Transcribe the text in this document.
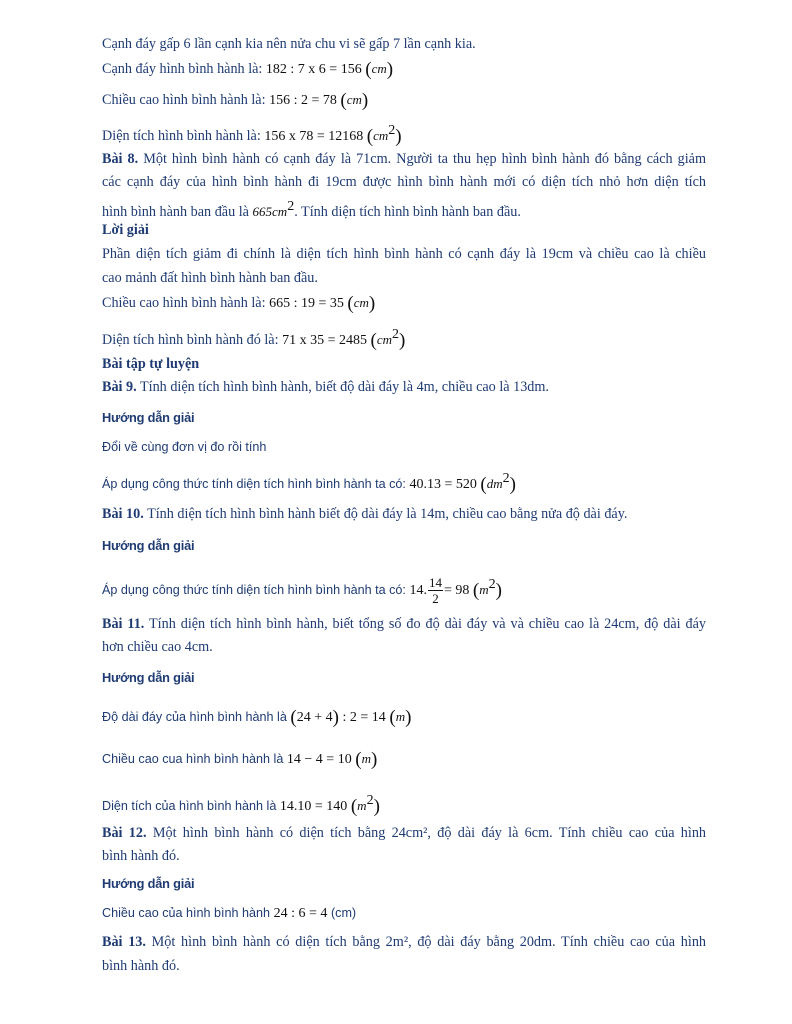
Cạnh đáy gấp 6 lần cạnh kia nên nửa chu vi sẽ gấp 7 lần cạnh kia.
Cạnh đáy hình bình hành là: 182 : 7 x 6 = 156 (cm)
Chiều cao hình bình hành là: 156 : 2 = 78 (cm)
Diện tích hình bình hành là: 156 x 78 = 12168 $(cm^2)$
Bài 8. Một hình bình hành có cạnh đáy là 71cm. Người ta thu hẹp hình bình hành đó bằng cách giảm
các cạnh đáy của hình bình hành đi 19cm được hình bình hành mới có diện tích nhỏ hơn diện tích
hình bình hành ban đầu là $665cm^2$. Tính diện tích hình bình hành ban đầu.
Lời giải
Phần diện tích giảm đi chính là diện tích hình bình hành có cạnh đáy là 19cm và chiều cao là chiều
cao mảnh đất hình bình hành ban đầu.
Chiều cao hình bình hành là: 665 : 19 = 35 (cm)
Diện tích hình bình hành đó là: 71 x 35 = 2485 $(cm^2)$
Bài tập tự luyện
Bài 9. Tính diện tích hình bình hành, biết độ dài đáy là 4m, chiều cao là 13dm.
Hướng dẫn giải
Đổi về cùng đơn vị đo rồi tính
Áp dụng công thức tính diện tích hình bình hành ta có: 40.13 = 520 $(dm^2)$
Bài 10. Tính diện tích hình bình hành biết độ dài đáy là 14m, chiều cao bằng nửa độ dài đáy.
Hướng dẫn giải
Áp dụng công thức tính diện tích hình bình hành ta có: 14. $\frac{14}{2} = 98$ $(m^2)$
Bài 11. Tính diện tích hình bình hành, biết tổng số đo độ dài đáy và và chiều cao là 24cm, độ dài đáy
hơn chiều cao 4cm.
Hướng dẫn giải
Độ dài đáy của hình bình hành là (24 + 4) : 2 = 14 (m)
Chiều cao cua hình bình hành là 14 − 4 = 10 (m)
Diện tích của hình bình hành là 14.10 = 140 $(m^2)$
Bài 12. Một hình bình hành có diện tích bằng 24cm², độ dài đáy là 6cm. Tính chiều cao của hình
bình hành đó.
Hướng dẫn giải
Chiều cao của hình bình hành 24 : 6 = 4 (cm)
Bài 13. Một hình bình hành có diện tích bằng 2m², độ dài đáy bằng 20dm. Tính chiều cao của hình
bình hành đó.
